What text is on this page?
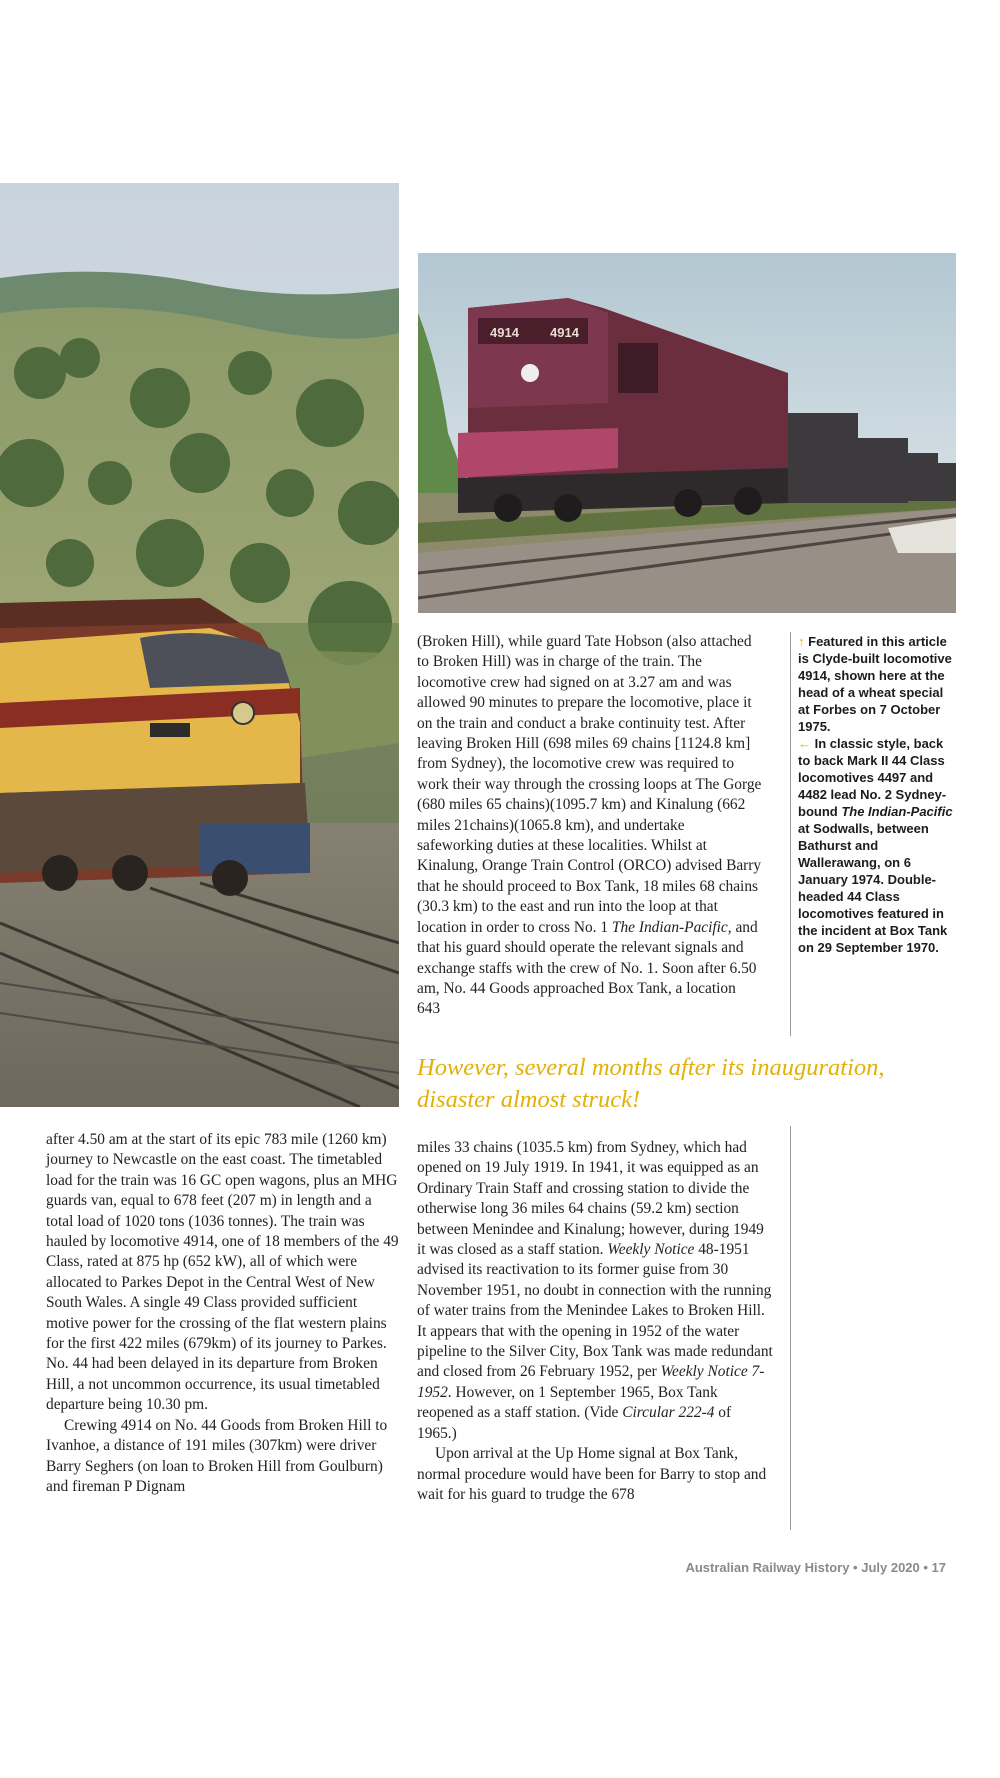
4914 4914

(Broken Hill), while guard Tate Hobson (also attached to Broken Hill) was in charge of the train. The locomotive crew had signed on at 3.27 am and was allowed 90 minutes to prepare the locomotive, place it on the train and conduct a brake continuity test. After leaving Broken Hill (698 miles 69 chains [1124.8 km] from Sydney), the locomotive crew was required to work their way through the crossing loops at The Gorge (680 miles 65 chains)(1095.7 km) and Kinalung (662 miles 21chains)(1065.8 km), and undertake safeworking duties at these localities. Whilst at Kinalung, Orange Train Control (ORCO) advised Barry that he should proceed to Box Tank, 18 miles 68 chains (30.3 km) to the east and run into the loop at that location in order to cross No. 1 The Indian-Pacific, and that his guard should operate the relevant signals and exchange staffs with the crew of No. 1. Soon after 6.50 am, No. 44 Goods approached Box Tank, a location 643

↑ Featured in this article is Clyde-built locomotive 4914, shown here at the head of a wheat special at Forbes on 7 October 1975.

← In classic style, back to back Mark II 44 Class locomotives 4497 and 4482 lead No. 2 Sydney-bound The Indian-Pacific at Sodwalls, between Bathurst and Wallerawang, on 6 January 1974. Double-headed 44 Class locomotives featured in the incident at Box Tank on 29 September 1970.

However, several months after its inauguration, disaster almost struck!

after 4.50 am at the start of its epic 783 mile (1260 km) journey to Newcastle on the east coast. The timetabled load for the train was 16 GC open wagons, plus an MHG guards van, equal to 678 feet (207 m) in length and a total load of 1020 tons (1036 tonnes). The train was hauled by locomotive 4914, one of 18 members of the 49 Class, rated at 875 hp (652 kW), all of which were allocated to Parkes Depot in the Central West of New South Wales. A single 49 Class provided sufficient motive power for the crossing of the flat western plains for the first 422 miles (679km) of its journey to Parkes. No. 44 had been delayed in its departure from Broken Hill, a not uncommon occurrence, its usual timetabled departure being 10.30 pm.

Crewing 4914 on No. 44 Goods from Broken Hill to Ivanhoe, a distance of 191 miles (307km) were driver Barry Seghers (on loan to Broken Hill from Goulburn) and fireman P Dignam

miles 33 chains (1035.5 km) from Sydney, which had opened on 19 July 1919. In 1941, it was equipped as an Ordinary Train Staff and crossing station to divide the otherwise long 36 miles 64 chains (59.2 km) section between Menindee and Kinalung; however, during 1949 it was closed as a staff station. Weekly Notice 48-1951 advised its reactivation to its former guise from 30 November 1951, no doubt in connection with the running of water trains from the Menindee Lakes to Broken Hill. It appears that with the opening in 1952 of the water pipeline to the Silver City, Box Tank was made redundant and closed from 26 February 1952, per Weekly Notice 7-1952. However, on 1 September 1965, Box Tank reopened as a staff station. (Vide Circular 222-4 of 1965.)

Upon arrival at the Up Home signal at Box Tank, normal procedure would have been for Barry to stop and wait for his guard to trudge the 678

Australian Railway History • July 2020 • 17
